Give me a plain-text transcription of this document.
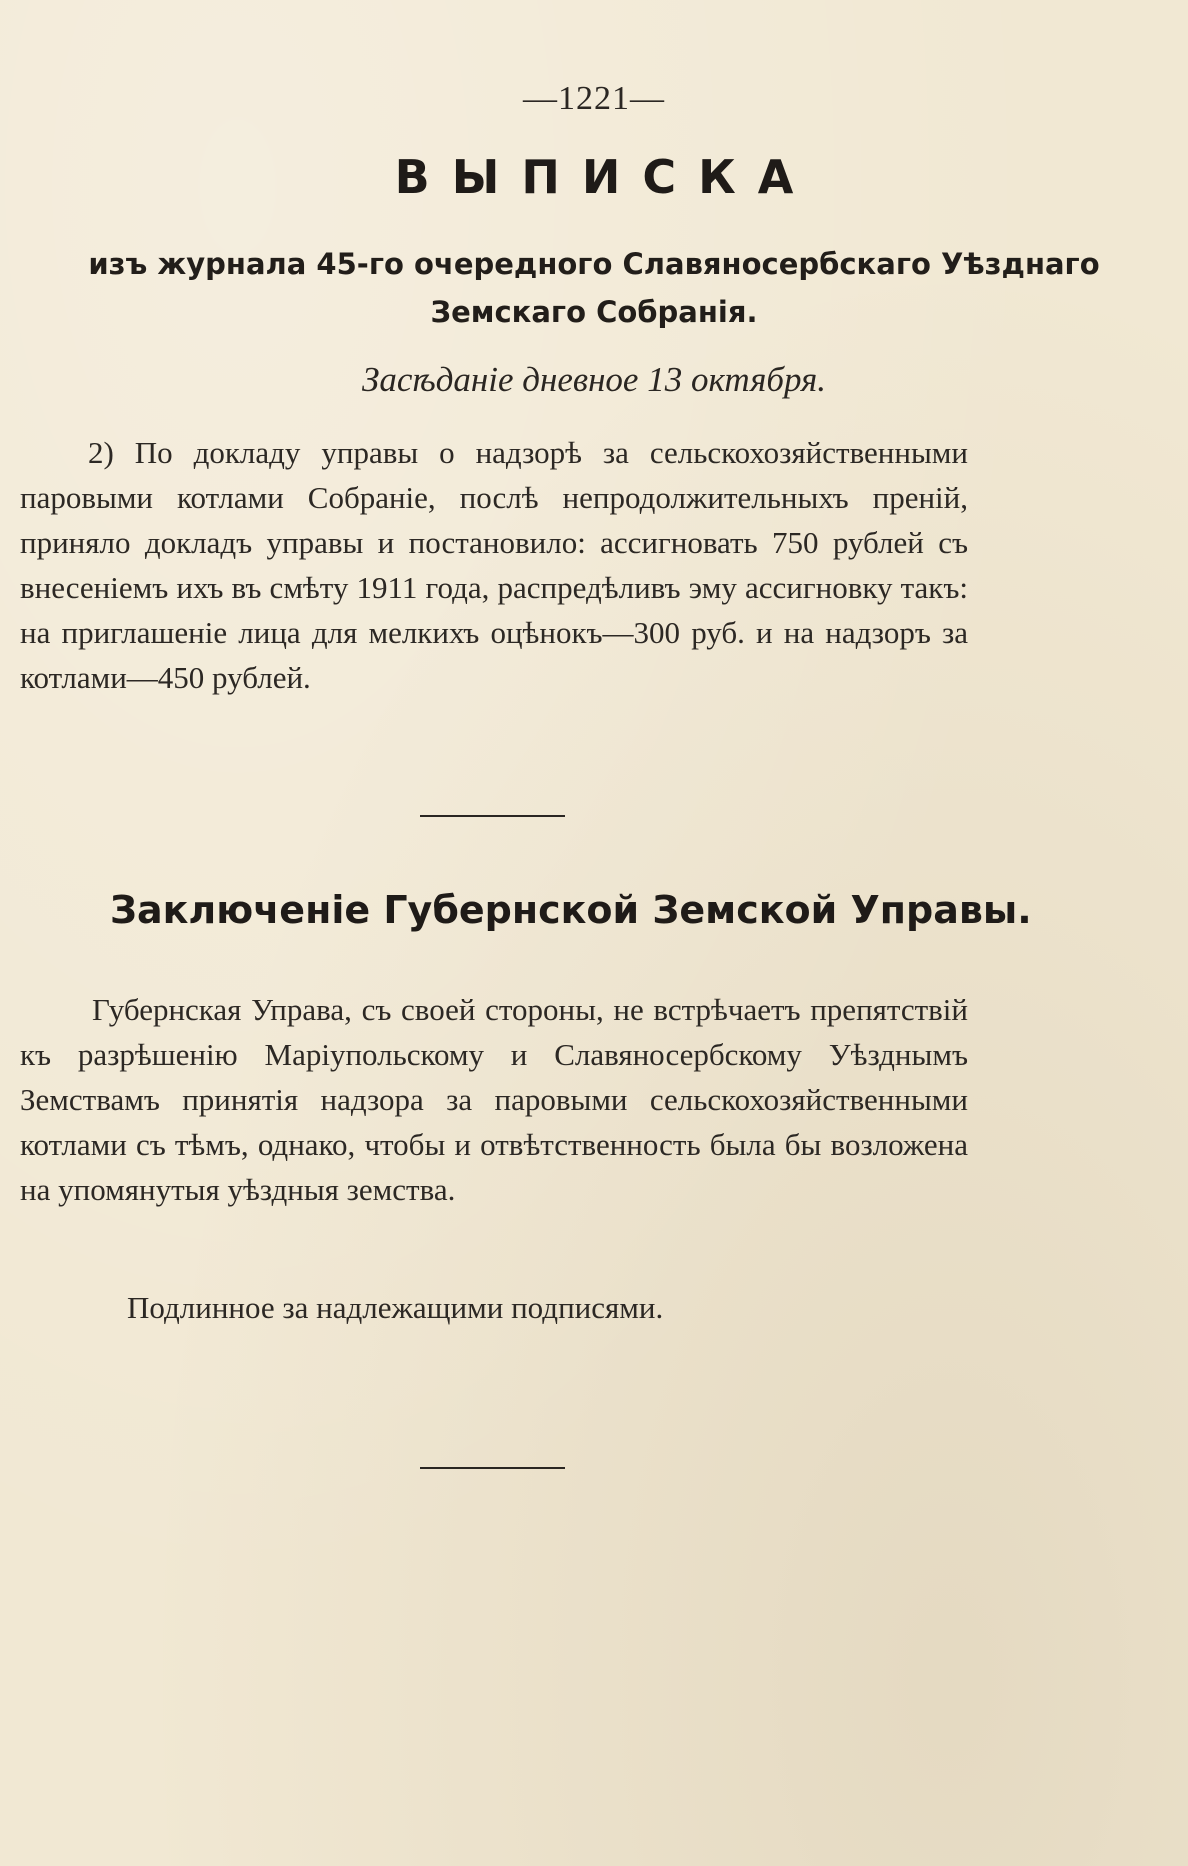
—1221—
ВЫПИСКА
изъ журнала 45-го очередного Славяносербскаго Уѣзднаго Земскаго Собранія.
Засѣданіе дневное 13 октября.
2) По докладу управы о надзорѣ за сельскохозяйственными паровыми котлами Собраніе, послѣ непродолжительныхъ преній, приняло докладъ управы и постановило: ассигновать 750 рублей съ внесеніемъ ихъ въ смѣту 1911 года, распредѣливъ эму ассигновку такъ: на приглашеніе лица для мелкихъ оцѣнокъ—300 руб. и на надзоръ за котлами—450 рублей.
Заключеніе Губернской Земской Управы.
Губернская Управа, съ своей стороны, не встрѣчаетъ препятствій къ разрѣшенію Маріупольскому и Славяносербскому Уѣзднымъ Земствамъ принятія надзора за паровыми сельскохозяйственными котлами съ тѣмъ, однако, чтобы и отвѣтственность была бы возложена на упомянутыя уѣздныя земства.
Подлинное за надлежащими подписями.
